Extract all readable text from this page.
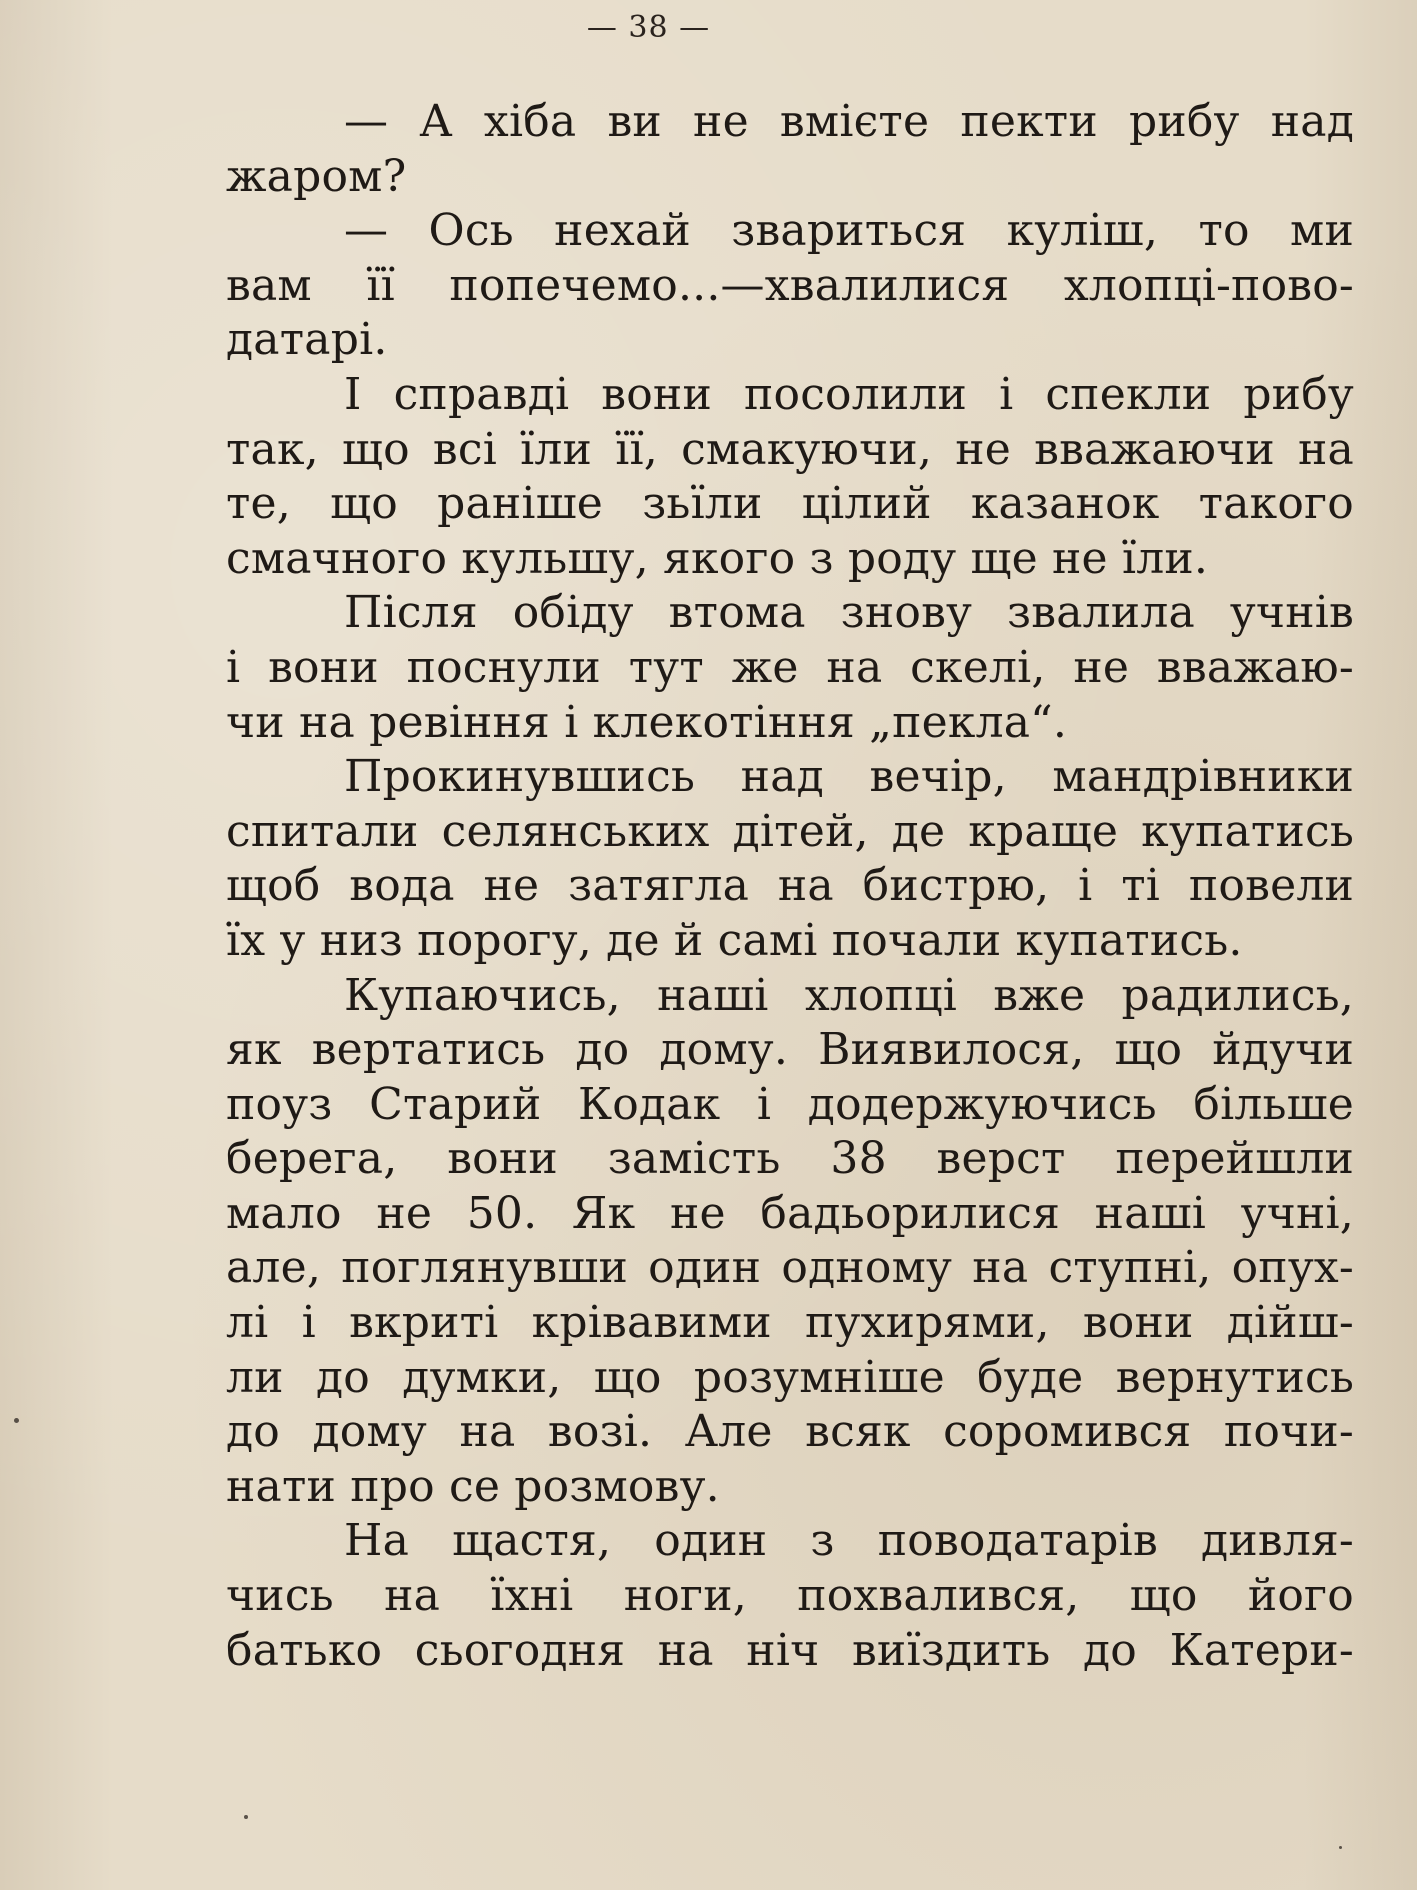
— 38 —
— А хіба ви не вмієте пекти рибу над
жаром?
— Ось нехай звариться куліш, то ми
вам її попечемо...—хвалилися хлопці-пово-
датарі.
І справді вони посолили і спекли рибу
так, що всі їли її, смакуючи, не вважаючи на
те, що раніше зьїли цілий казанок такого
смачного кульшу, якого з роду ще не їли.
Після обіду втома знову звалила учнів
і вони поснули тут же на скелі, не вважаю-
чи на ревіння і клекотіння „пекла“.
Прокинувшись над вечір, мандрівники
спитали селянських дітей, де краще купатись
щоб вода не затягла на бистрю, і ті повели
їх у низ порогу, де й самі почали купатись.
Купаючись, наші хлопці вже радились,
як вертатись до дому. Виявилося, що йдучи
поуз Старий Кодак і додержуючись більше
берега, вони замість 38 верст перейшли
мало не 50. Як не бадьорилися наші учні,
але, поглянувши один одному на ступні, опух-
лі і вкриті крівавими пухирями, вони дійш-
ли до думки, що розумніше буде вернутись
до дому на возі. Але всяк соромився почи-
нати про се розмову.
На щастя, один з поводатарів дивля-
чись на їхні ноги, похвалився, що його
батько сьогодня на ніч виїздить до Катери-
